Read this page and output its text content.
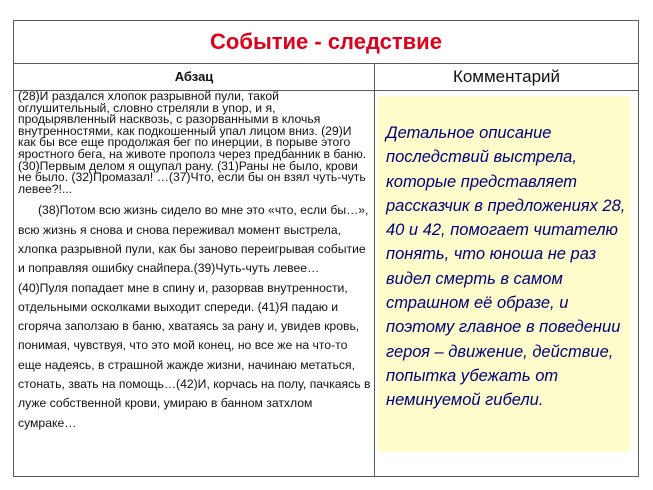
Событие - следствие
Абзац	Комментарий

(28)И раздался хлопок разрывной пули, такой оглушительный, словно стреляли в упор, и я, продырявленный насквозь, с разорванными в клочья внутренностями, как подкошенный упал лицом вниз. (29)И как бы все еще продолжая бег по инерции, в порыве этого яростного бега, на животе прополз через предбанник в баню.(30)Первым делом я ощупал рану. (31)Раны не было, крови не было. (32)Промазал! …(37)Что, если бы он взял чуть-чуть левее?!...

(38)Потом всю жизнь сидело во мне это «что, если бы…», всю жизнь я снова и снова переживал момент выстрела, хлопка разрывной пули, как бы заново переигрывая событие и поправляя ошибку снайпера.(39)Чуть-чуть левее… (40)Пуля попадает мне в спину и, разорвав внутренности, отдельными осколками выходит спереди. (41)Я падаю и сгоряча заползаю в баню, хватаясь за рану и, увидев кровь, понимая, чувствуя, что это мой конец, но все же на что-то еще надеясь, в страшной жажде жизни, начинаю метаться, стонать, звать на помощь…(42)И, корчась на полу, пачкаясь в луже собственной крови, умираю в банном затхлом сумраке…

Детальное описание последствий выстрела, которые представляет рассказчик в предложениях 28, 40 и 42, помогает читателю понять, что юноша не раз видел смерть в самом страшном её образе, и поэтому главное в поведении героя – движение, действие, попытка убежать от неминуемой гибели.
